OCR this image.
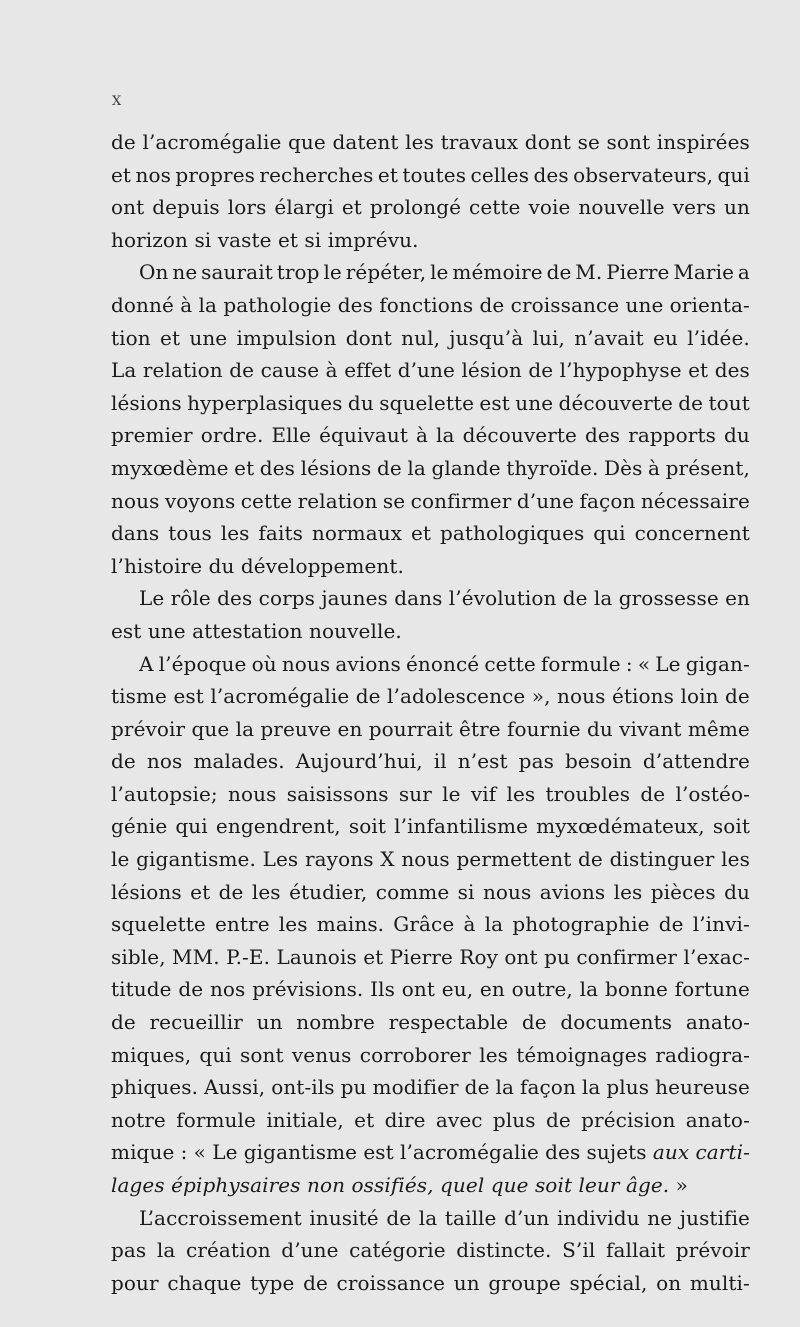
X
de l’acromégalie que datent les travaux dont se sont inspirées
et nos propres recherches et toutes celles des observateurs, qui
ont depuis lors élargi et prolongé cette voie nouvelle vers un
horizon si vaste et si imprévu.
On ne saurait trop le répéter, le mémoire de M. Pierre Marie a
donné à la pathologie des fonctions de croissance une orienta-
tion et une impulsion dont nul, jusqu’à lui, n’avait eu l’idée.
La relation de cause à effet d’une lésion de l’hypophyse et des
lésions hyperplasiques du squelette est une découverte de tout
premier ordre. Elle équivaut à la découverte des rapports du
myxœdème et des lésions de la glande thyroïde. Dès à présent,
nous voyons cette relation se confirmer d’une façon nécessaire
dans tous les faits normaux et pathologiques qui concernent
l’histoire du développement.
Le rôle des corps jaunes dans l’évolution de la grossesse en
est une attestation nouvelle.
A l’époque où nous avions énoncé cette formule : « Le gigan-
tisme est l’acromégalie de l’adolescence », nous étions loin de
prévoir que la preuve en pourrait être fournie du vivant même
de nos malades. Aujourd’hui, il n’est pas besoin d’attendre
l’autopsie; nous saisissons sur le vif les troubles de l’ostéo-
génie qui engendrent, soit l’infantilisme myxœdémateux, soit
le gigantisme. Les rayons X nous permettent de distinguer les
lésions et de les étudier, comme si nous avions les pièces du
squelette entre les mains. Grâce à la photographie de l’invi-
sible, MM. P.-E. Launois et Pierre Roy ont pu confirmer l’exac-
titude de nos prévisions. Ils ont eu, en outre, la bonne fortune
de recueillir un nombre respectable de documents anato-
miques, qui sont venus corroborer les témoignages radiogra-
phiques. Aussi, ont-ils pu modifier de la façon la plus heureuse
notre formule initiale, et dire avec plus de précision anato-
mique : « Le gigantisme est l’acromégalie des sujets aux carti-
lages épiphysaires non ossifiés, quel que soit leur âge. »
L’accroissement inusité de la taille d’un individu ne justifie
pas la création d’une catégorie distincte. S’il fallait prévoir
pour chaque type de croissance un groupe spécial, on multi-
